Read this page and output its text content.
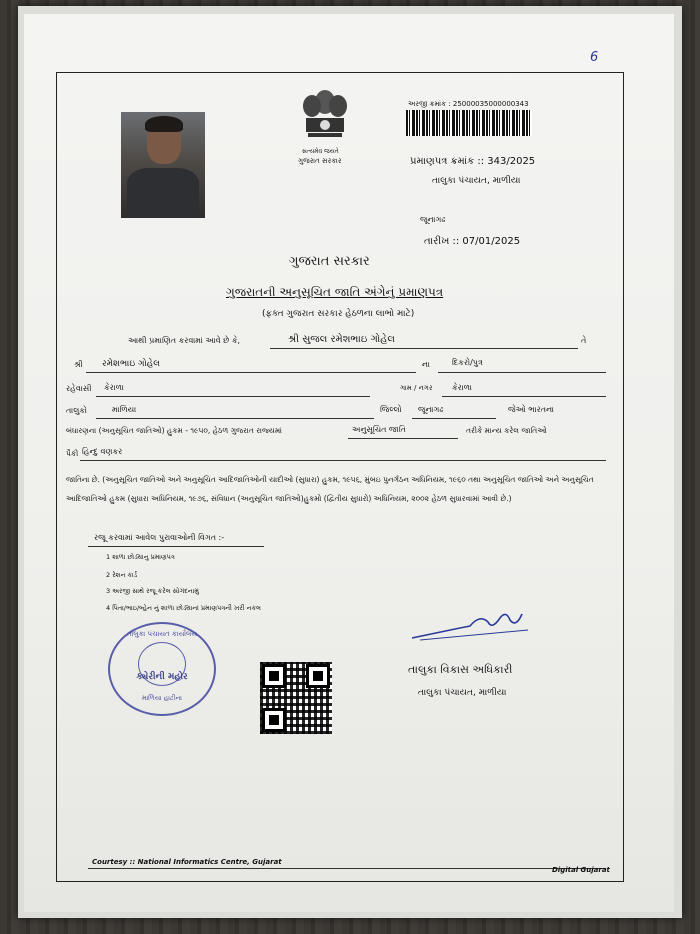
6
સત્યમેવ જયતે
ગુજરાત સરકાર
અરજી ક્રમાંક : 25000035000000343
પ્રમાણપત્ર ક્રમાંક :: 343/2025
તાલુકા પંચાયત, માળીયા
જૂનાગઢ
તારીખ :: 07/01/2025
ગુજરાત સરકાર
ગુજરાતની અનુસૂચિત જાતિ અંગેનું પ્રમાણપત્ર
(ફક્ત ગુજરાત સરકાર હેઠળના લાભો માટે)
આથી પ્રમાણિત કરવામાં આવે છે કે,	શ્રી સુજલ રમેશભાઇ ગોહેલ	તે
શ્રી રમેશભાઇ ગોહેલ	ના	દિકરો/પુત્ર
રહેવાસી કેરાળા	ગામ / નગર કેરાળા
તાલુકો	માળિયા	જિલ્લો જૂનાગઢ	જેઓ ભારતના
બંધારણના (અનુસૂચિત જાતિઓ) હુકમ - ૧૯૫૦, હેઠળ ગુજરાત રાજ્યમાં	અનુસૂચિત જાતિ	તરીકે માન્ય કરેલ જાતિઓ
પૈકી હિન્દુ વણકર
જાતિના છે. (અનુસૂચિત જાતિઓ અને અનુસૂચિત આદિજાતિઓની યાદીઓ (સુધારા) હુકમ, ૧૯૫૬, મુંબઇ પુનર્ગઠન અધિનિયમ, ૧૯૬૦ તથા અનુસૂચિત જાતિઓ અને અનુસૂચિત આદિજાતિઓ હુકમ (સુધારા અધિનિયમ, ૧૯૭૬, સંવિધાન (અનુસૂચિત જાતિઓ)હુકમો (દ્વિતીય સુધારો) અધિનિયમ, ૨૦૦૨ હેઠળ સુધારવામાં આવી છે.)
રજૂ કરવામાં આવેલ પુરાવાઓની વિગત :-
1 શાળા છોડ્યાનુ પ્રમાણપત્ર
2 રેશન કાર્ડ
3 અરજી સાથે રજૂ કરેલ સોગંદનામું
4 પિતા/ભાઇ/બ્હેન નું શાળા છોડ્યાનાં પ્રમાણપત્રની ખરી નકલ
તાલુકા પંચાયત કાર્યાલય
ક્યેરીની મહોર
માળિયા હાટીના
તાલુકા વિકાસ અધિકારી
તાલુકા પંચાયત, માળીયા
Courtesy :: National Informatics Centre, Gujarat
Digital Gujarat
